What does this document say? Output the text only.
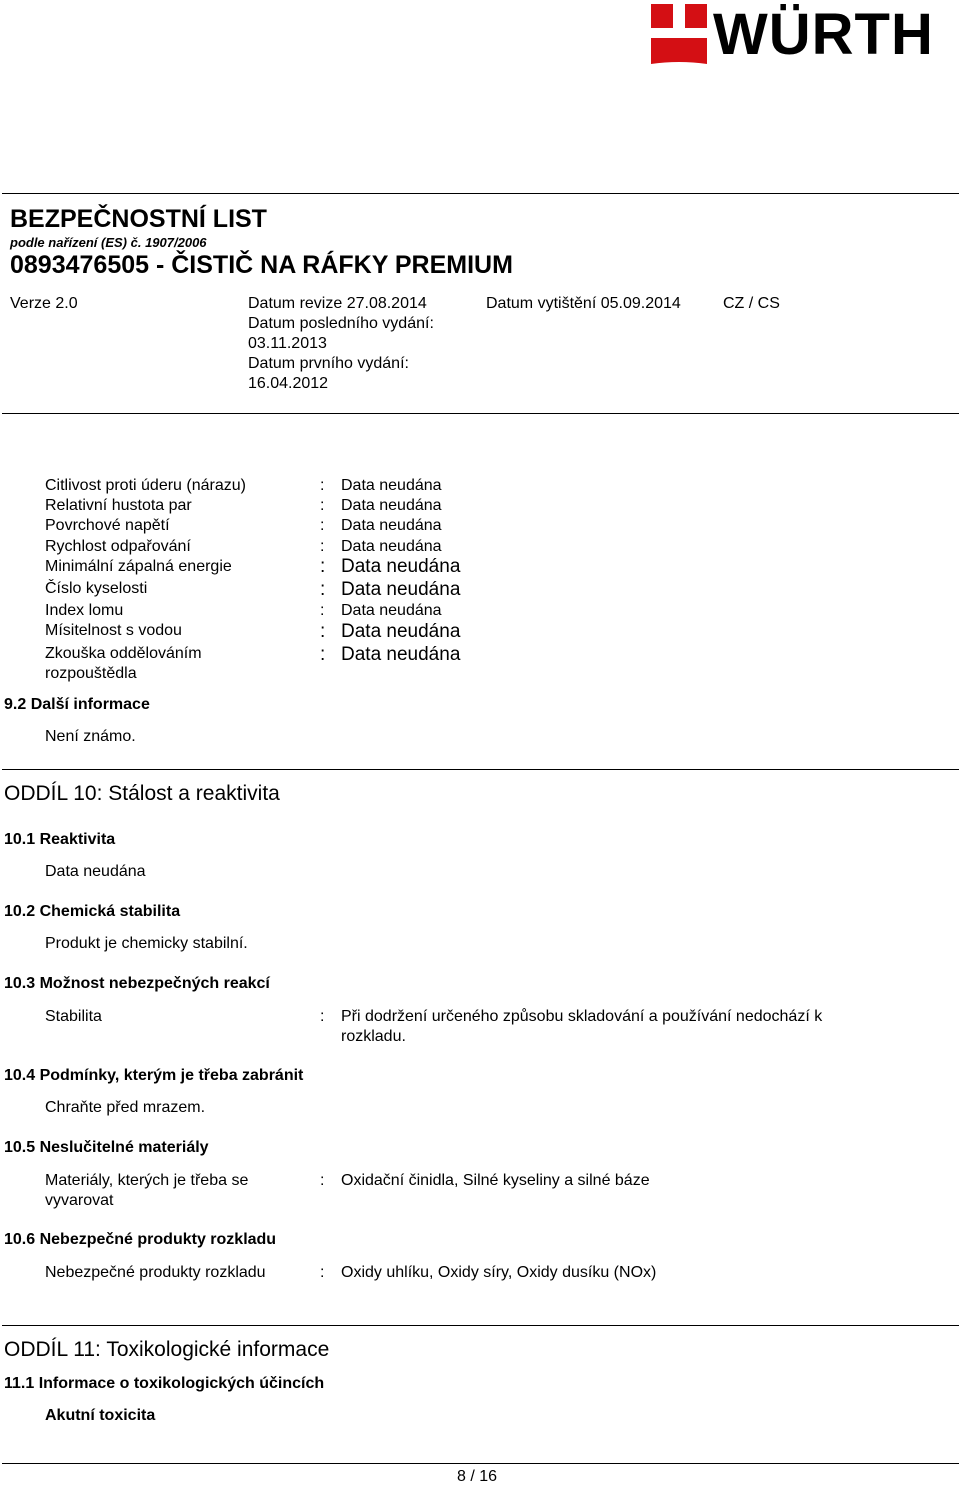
WÜRTH
BEZPEČNOSTNÍ LIST
podle nařízení (ES) č. 1907/2006
0893476505 - ČISTIČ NA RÁFKY PREMIUM
Verze 2.0	Datum revize 27.08.2014
Datum posledního vydání:
03.11.2013
Datum prvního vydání:
16.04.2012
Datum vytištění 05.09.2014	CZ / CS
Citlivost proti úderu (nárazu)	: Data neudána
Relativní hustota par	: Data neudána
Povrchové napětí	: Data neudána
Rychlost odpařování	: Data neudána
Minimální zápalná energie	: Data neudána
Číslo kyselosti	: Data neudána
Index lomu	: Data neudána
Mísitelnost s vodou	: Data neudána
Zkouška oddělováním
rozpouštědla
: Data neudána
9.2 Další informace
Není známo.
ODDÍL 10: Stálost a reaktivita
10.1 Reaktivita
Data neudána
10.2 Chemická stabilita
Produkt je chemicky stabilní.
10.3 Možnost nebezpečných reakcí
Stabilita	: Při dodržení určeného způsobu skladování a používání nedochází k
rozkladu.
10.4 Podmínky, kterým je třeba zabránit
Chraňte před mrazem.
10.5 Neslučitelné materiály
Materiály, kterých je třeba se
vyvarovat
: Oxidační činidla, Silné kyseliny a silné báze
10.6 Nebezpečné produkty rozkladu
Nebezpečné produkty rozkladu	: Oxidy uhlíku, Oxidy síry, Oxidy dusíku (NOx)
ODDÍL 11: Toxikologické informace
11.1 Informace o toxikologických účincích
Akutní toxicita
8 / 16
